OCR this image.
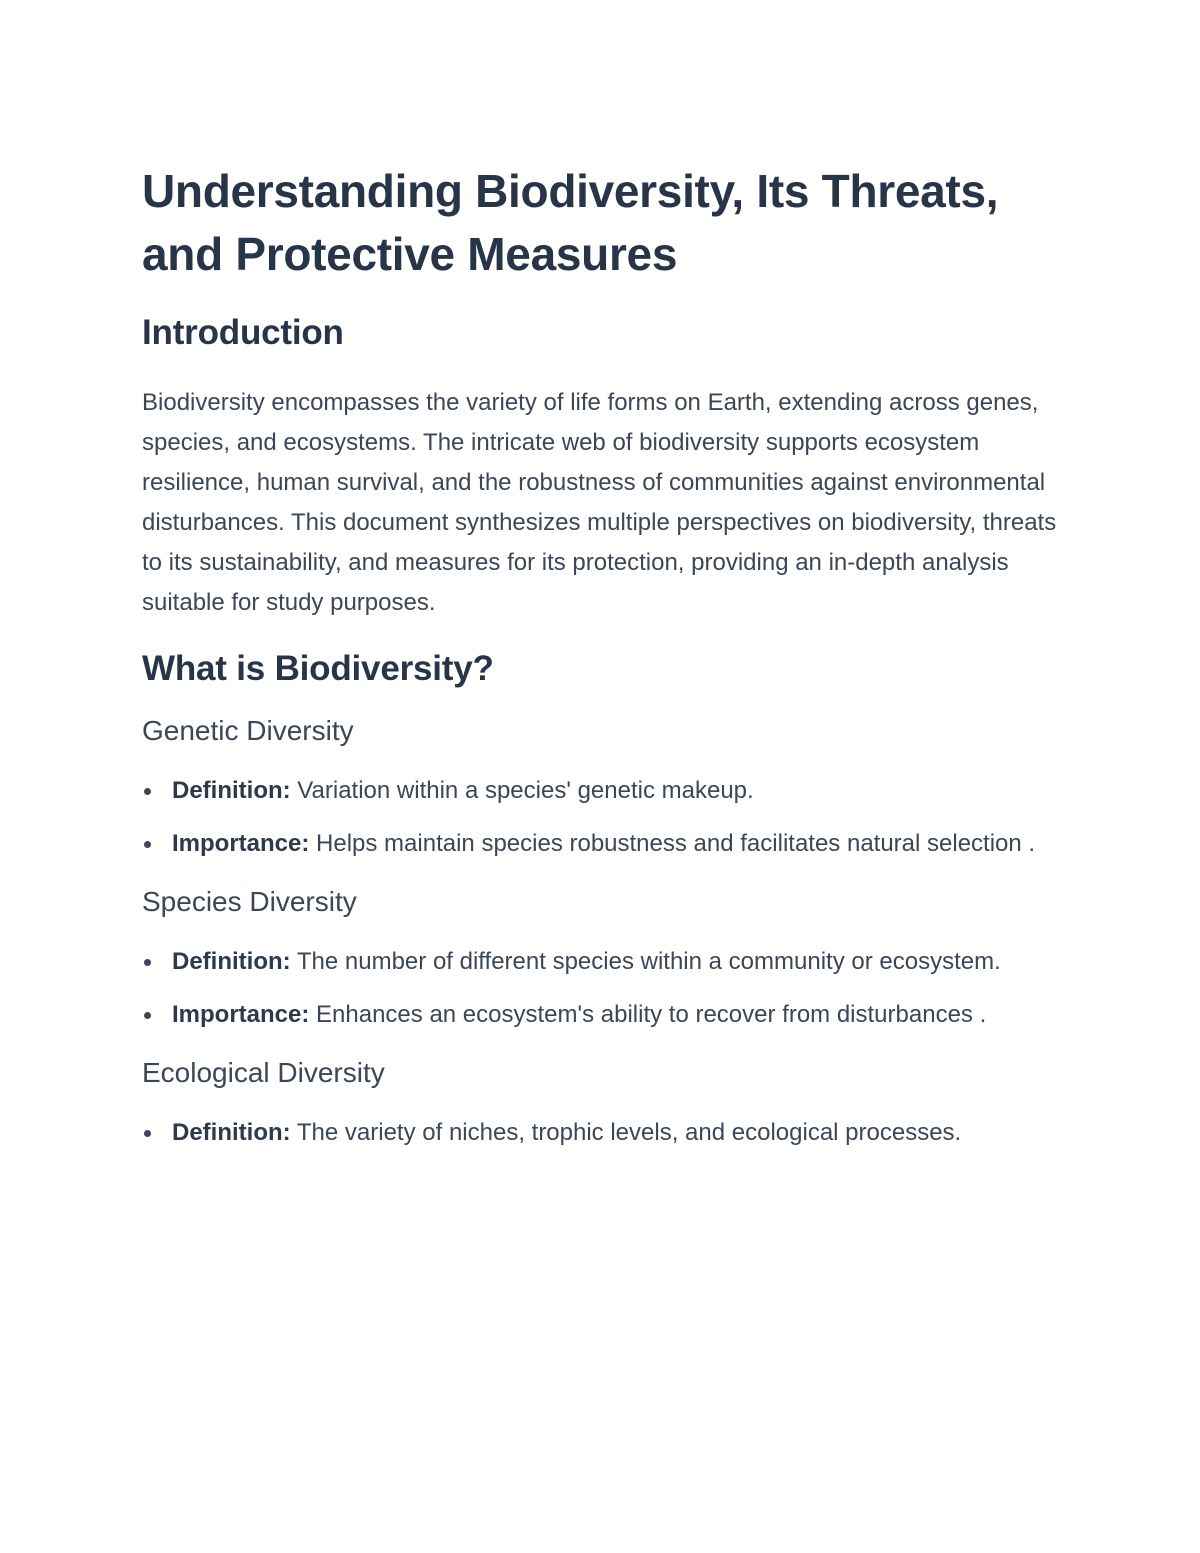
Understanding Biodiversity, Its Threats, and Protective Measures
Introduction

Biodiversity encompasses the variety of life forms on Earth, extending across genes, species, and ecosystems. The intricate web of biodiversity supports ecosystem resilience, human survival, and the robustness of communities against environmental disturbances. This document synthesizes multiple perspectives on biodiversity, threats to its sustainability, and measures for its protection, providing an in-depth analysis suitable for study purposes.

What is Biodiversity?
Genetic Diversity
Definition: Variation within a species' genetic makeup.
Importance: Helps maintain species robustness and facilitates natural selection .
Species Diversity
Definition: The number of different species within a community or ecosystem.
Importance: Enhances an ecosystem's ability to recover from disturbances .
Ecological Diversity
Definition: The variety of niches, trophic levels, and ecological processes.
